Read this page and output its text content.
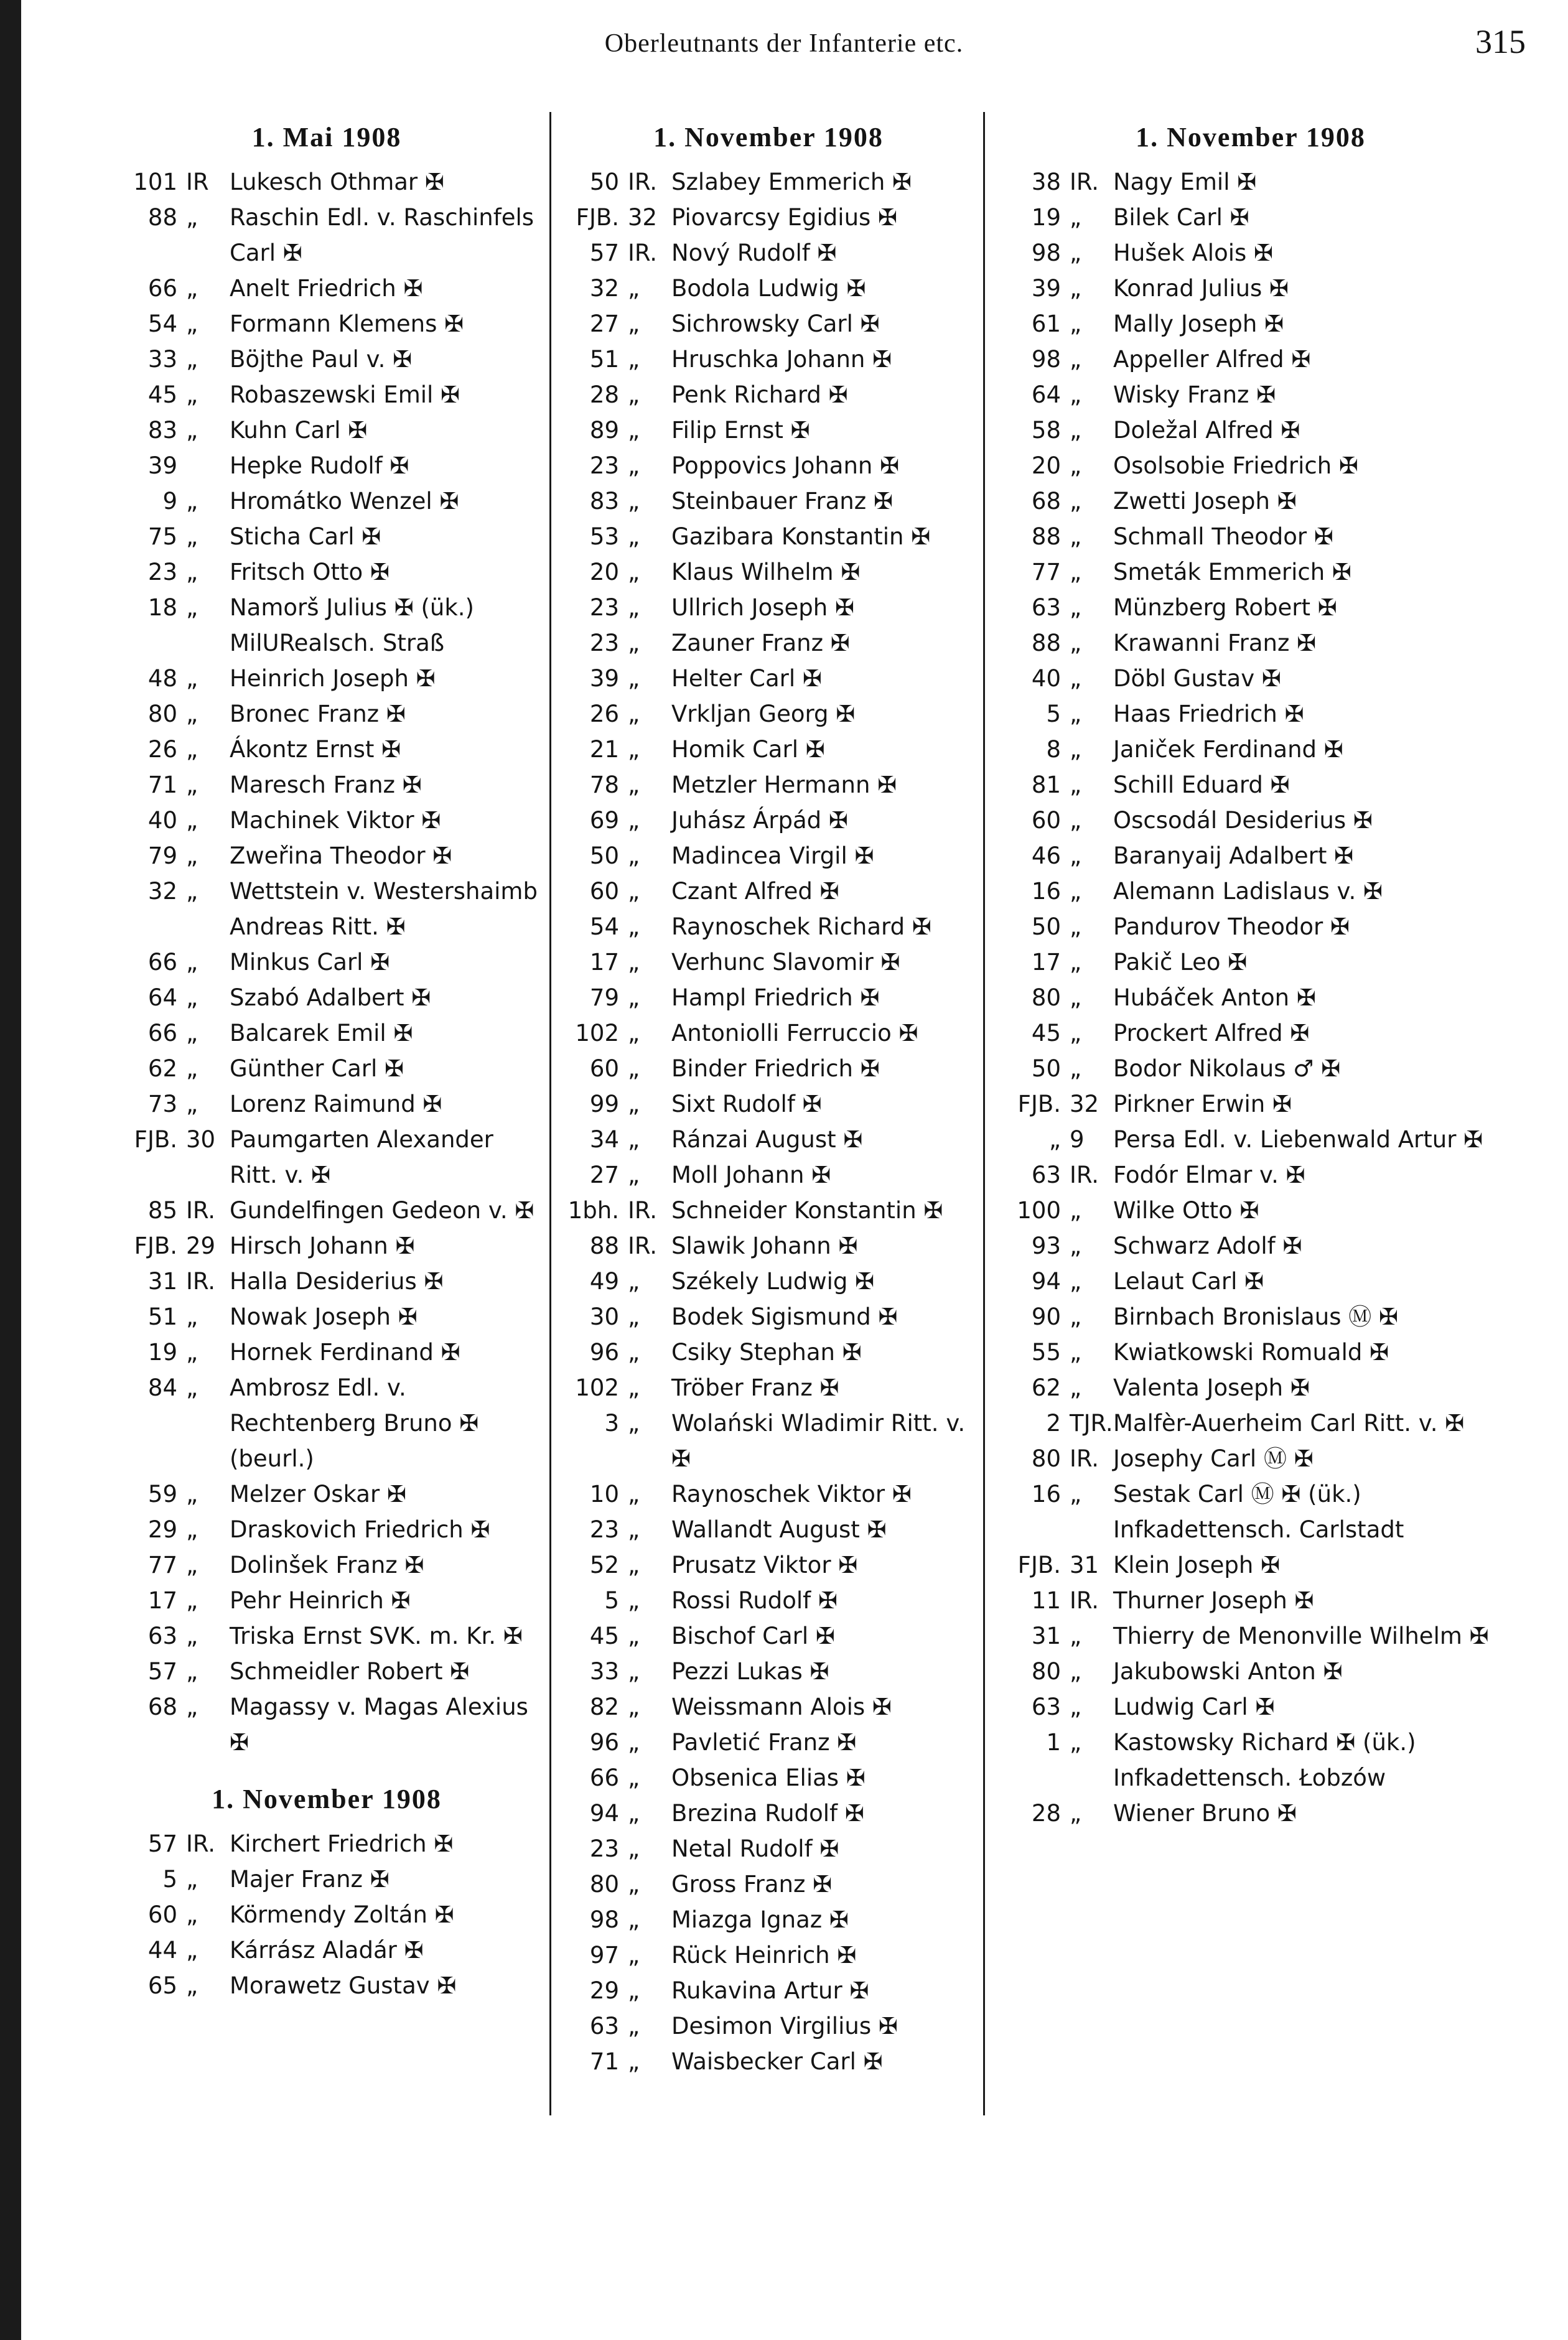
Oberleutnants der Infanterie etc.	315
1. Mai 1908
101 IR Lukesch Othmar ✠
88 „	Raschin Edl. v. Raschinfels Carl ✠
66 „	Anelt Friedrich ✠
54 „	Formann Klemens ✠
33 „	Böjthe Paul v. ✠
45 „	Robaszewski Emil ✠
83 „	Kuhn Carl ✠
39 Hepke Rudolf ✠
9 „	Hromátko Wenzel ✠
75 „	Sticha Carl ✠
23 „	Fritsch Otto ✠
18 „	Namorš Julius ✠ (ük.) MilURealsch. Straß
48 „	Heinrich Joseph ✠
80 „	Bronec Franz ✠
26 „	Ákontz Ernst ✠
71 „	Maresch Franz ✠
40 „	Machinek Viktor ✠
79 „	Zweřina Theodor ✠
32 „	Wettstein v. Westershaimb Andreas Ritt. ✠
66 „	Minkus Carl ✠
64 „	Szabó Adalbert ✠
66 „	Balcarek Emil ✠
62 „	Günther Carl ✠
73 „	Lorenz Raimund ✠
FJB. 30 Paumgarten Alexander Ritt. v. ✠
85 IR. Gundelfingen Gedeon v. ✠
FJB. 29 Hirsch Johann ✠
31 IR. Halla Desiderius ✠
51 „	Nowak Joseph ✠
19 „	Hornek Ferdinand ✠
84 „	Ambrosz Edl. v. Rechtenberg Bruno ✠ (beurl.)
59 „	Melzer Oskar ✠
29 „	Draskovich Friedrich ✠
77 „	Dolinšek Franz ✠
17 „	Pehr Heinrich ✠
63 „	Triska Ernst SVK. m. Kr. ✠
57 „	Schmeidler Robert ✠
68 „	Magassy v. Magas Alexius ✠
1. November 1908
57 IR. Kirchert Friedrich ✠
5 „	Majer Franz ✠
60 „	Körmendy Zoltán ✠
44 „	Kárrász Aladár ✠
65 „	Morawetz Gustav ✠
1. November 1908
50 IR. Szlabey Emmerich ✠
FJB. 32 Piovarcsy Egidius ✠
57 IR. Nový Rudolf ✠
32 „	Bodola Ludwig ✠
27 „	Sichrowsky Carl ✠
51 „	Hruschka Johann ✠
28 „	Penk Richard ✠
89 „	Filip Ernst ✠
23 „	Poppovics Johann ✠
83 „	Steinbauer Franz ✠
53 „	Gazibara Konstantin ✠
20 „	Klaus Wilhelm ✠
23 „	Ullrich Joseph ✠
23 „	Zauner Franz ✠
39 „	Helter Carl ✠
26 „	Vrkljan Georg ✠
21 „	Homik Carl ✠
78 „	Metzler Hermann ✠
69 „	Juhász Árpád ✠
50 „	Madincea Virgil ✠
60 „	Czant Alfred ✠
54 „	Raynoschek Richard ✠
17 „	Verhunc Slavomir ✠
79 „	Hampl Friedrich ✠
102 „	Antoniolli Ferruccio ✠
60 „	Binder Friedrich ✠
99 „	Sixt Rudolf ✠
34 „	Ránzai August ✠
27 „	Moll Johann ✠
1bh. IR. Schneider Konstantin ✠
88 IR. Slawik Johann ✠
49 „	Székely Ludwig ✠
30 „	Bodek Sigismund ✠
96 „	Csiky Stephan ✠
102 „	Tröber Franz ✠
3 „	Wolański Wladimir Ritt. v. ✠
10 „	Raynoschek Viktor ✠
23 „	Wallandt August ✠
52 „	Prusatz Viktor ✠
5 „	Rossi Rudolf ✠
45 „	Bischof Carl ✠
33 „	Pezzi Lukas ✠
82 „	Weissmann Alois ✠
96 „	Pavletić Franz ✠
66 „	Obsenica Elias ✠
94 „	Brezina Rudolf ✠
23 „	Netal Rudolf ✠
80 „	Gross Franz ✠
98 „	Miazga Ignaz ✠
97 „	Rück Heinrich ✠
29 „	Rukavina Artur ✠
63 „	Desimon Virgilius ✠
71 „	Waisbecker Carl ✠
1. November 1908
38 IR. Nagy Emil ✠
19 „	Bilek Carl ✠
98 „	Hušek Alois ✠
39 „	Konrad Julius ✠
61 „	Mally Joseph ✠
98 „	Appeller Alfred ✠
64 „	Wisky Franz ✠
58 „	Doležal Alfred ✠
20 „	Osolsobie Friedrich ✠
68 „	Zwetti Joseph ✠
88 „	Schmall Theodor ✠
77 „	Smeták Emmerich ✠
63 „	Münzberg Robert ✠
88 „	Krawanni Franz ✠
40 „	Döbl Gustav ✠
5 „	Haas Friedrich ✠
8 „	Janiček Ferdinand ✠
81 „	Schill Eduard ✠
60 „	Oscsodál Desiderius ✠
46 „	Baranyaij Adalbert ✠
16 „	Alemann Ladislaus v. ✠
50 „	Pandurov Theodor ✠
17 „	Pakič Leo ✠
80 „	Hubáček Anton ✠
45 „	Prockert Alfred ✠
50 „	Bodor Nikolaus ♂ ✠
FJB. 32 Pirkner Erwin ✠
„ 9	Persa Edl. v. Liebenwald Artur ✠
63 IR. Fodór Elmar v. ✠
100 „	Wilke Otto ✠
93 „	Schwarz Adolf ✠
94 „	Lelaut Carl ✠
90 „	Birnbach Bronislaus Ⓜ ✠
55 „	Kwiatkowski Romuald ✠
62 „	Valenta Joseph ✠
2 TJR. Malfèr-Auerheim Carl Ritt. v. ✠
80 IR. Josephy Carl Ⓜ ✠
16 „	Sestak Carl Ⓜ ✠ (ük.) Infkadettensch. Carlstadt
FJB. 31 Klein Joseph ✠
11 IR. Thurner Joseph ✠
31 „	Thierry de Menonville Wilhelm ✠
80 „	Jakubowski Anton ✠
63 „	Ludwig Carl ✠
1 „	Kastowsky Richard ✠ (ük.) Infkadettensch. Łobzów
28 „	Wiener Bruno ✠
